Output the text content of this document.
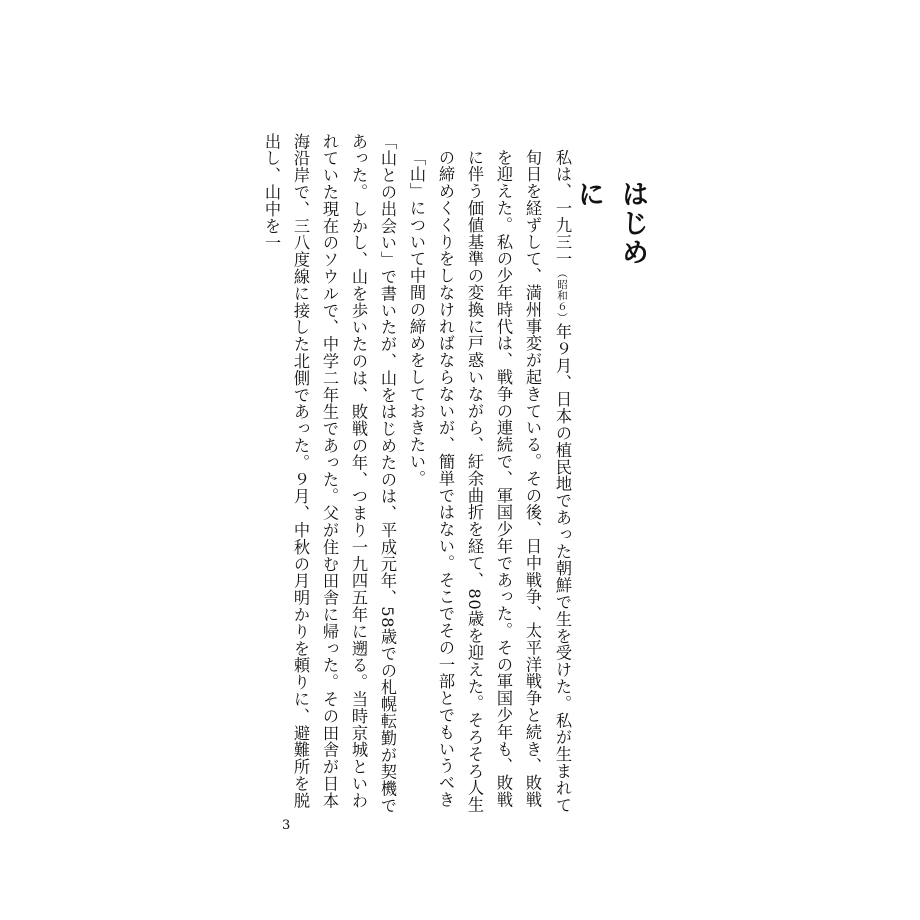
はじめに

私は、一九三一（昭和６）年９月、日本の植民地であった朝鮮で生を受けた。私が生まれて旬日を経ずして、満州事変が起きている。その後、日中戦争、太平洋戦争と続き、敗戦を迎えた。私の少年時代は、戦争の連続で、軍国少年であった。その軍国少年も、敗戦に伴う価値基準の変換に戸惑いながら、紆余曲折を経て、80歳を迎えた。そろそろ人生の締めくくりをしなければならないが、簡単ではない。そこでその一部とでもいうべき「山」について中間の締めをしておきたい。

「山との出会い」で書いたが、山をはじめたのは、平成元年、58歳での札幌転勤が契機であった。しかし、山を歩いたのは、敗戦の年、つまり一九四五年に遡る。当時京城といわれていた現在のソウルで、中学二年生であった。父が住む田舎に帰った。その田舎が日本海沿岸で、三八度線に接した北側であった。９月、中秋の月明かりを頼りに、避難所を脱出し、山中を一

3
